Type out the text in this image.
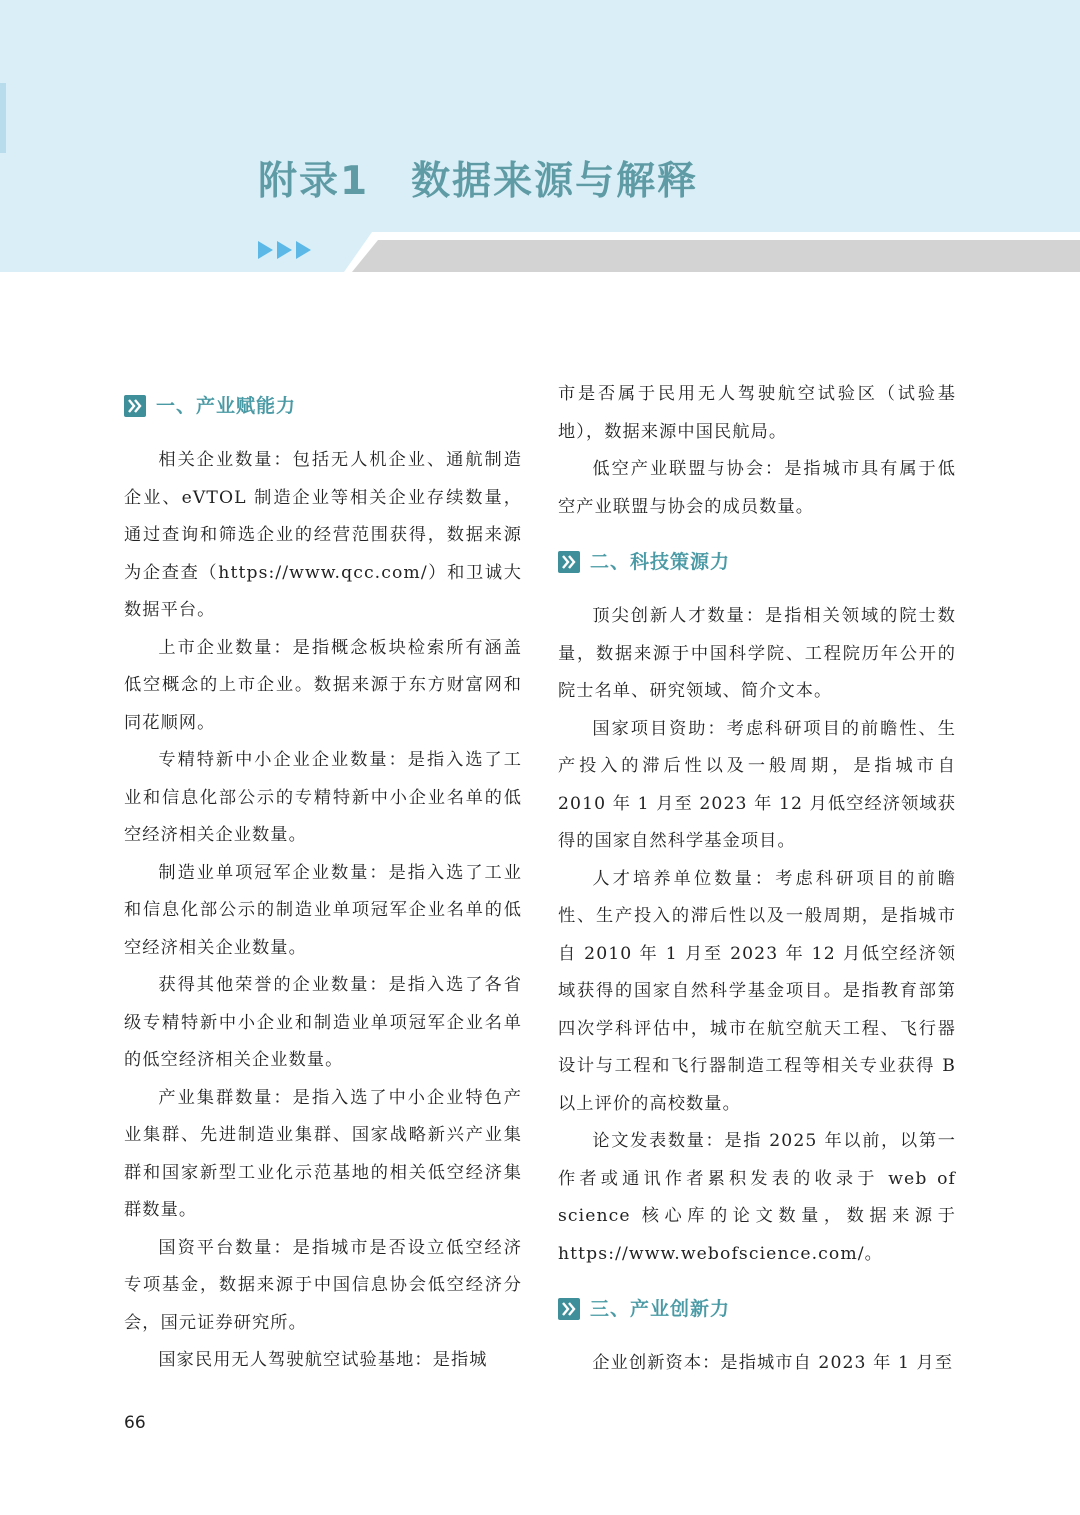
附录1 数据来源与解释
一、产业赋能力

相关企业数量：包括无人机企业、通航制造企业、eVTOL 制造企业等相关企业存续数量，通过查询和筛选企业的经营范围获得，数据来源为企查查（https://www.qcc.com/）和卫诚大数据平台。

上市企业数量：是指概念板块检索所有涵盖低空概念的上市企业。数据来源于东方财富网和同花顺网。

专精特新中小企业企业数量：是指入选了工业和信息化部公示的专精特新中小企业名单的低空经济相关企业数量。

制造业单项冠军企业数量：是指入选了工业和信息化部公示的制造业单项冠军企业名单的低空经济相关企业数量。

获得其他荣誉的企业数量：是指入选了各省级专精特新中小企业和制造业单项冠军企业名单的低空经济相关企业数量。

产业集群数量：是指入选了中小企业特色产业集群、先进制造业集群、国家战略新兴产业集群和国家新型工业化示范基地的相关低空经济集群数量。

国资平台数量：是指城市是否设立低空经济专项基金，数据来源于中国信息协会低空经济分会，国元证券研究所。

国家民用无人驾驶航空试验基地：是指城

市是否属于民用无人驾驶航空试验区（试验基地），数据来源中国民航局。

低空产业联盟与协会：是指城市具有属于低空产业联盟与协会的成员数量。

二、科技策源力

顶尖创新人才数量：是指相关领域的院士数量，数据来源于中国科学院、工程院历年公开的院士名单、研究领域、简介文本。

国家项目资助：考虑科研项目的前瞻性、生产投入的滞后性以及一般周期，是指城市自 2010 年 1 月至 2023 年 12 月低空经济领域获得的国家自然科学基金项目。

人才培养单位数量：考虑科研项目的前瞻性、生产投入的滞后性以及一般周期，是指城市自 2010 年 1 月至 2023 年 12 月低空经济领域获得的国家自然科学基金项目。是指教育部第四次学科评估中，城市在航空航天工程、飞行器设计与工程和飞行器制造工程等相关专业获得 B 以上评价的高校数量。

论文发表数量：是指 2025 年以前，以第一作者或通讯作者累积发表的收录于 web of science 核心库的论文数量，数据来源于https://www.webofscience.com/。

三、产业创新力

企业创新资本：是指城市自 2023 年 1 月至

66
